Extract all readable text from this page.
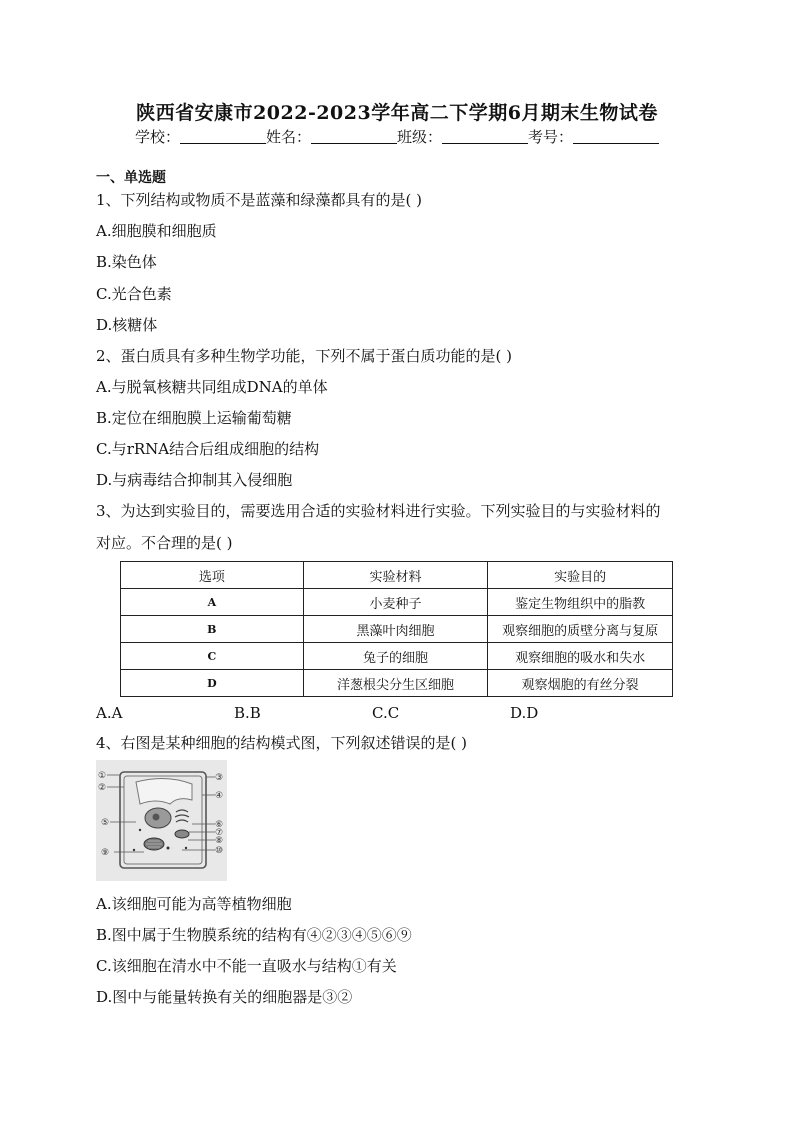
陕西省安康市2022-2023学年高二下学期6月期末生物试卷
学校：	姓名：	班级：	考号：
一、单选题
1、下列结构或物质不是蓝藻和绿藻都具有的是( )
A.细胞膜和细胞质
B.染色体
C.光合色素
D.核糖体
2、蛋白质具有多种生物学功能，下列不属于蛋白质功能的是( )
A.与脱氧核糖共同组成DNA的单体
B.定位在细胞膜上运输葡萄糖
C.与rRNA结合后组成细胞的结构
D.与病毒结合抑制其入侵细胞
3、为达到实验目的，需要选用合适的实验材料进行实验。下列实验目的与实验材料的
对应。不合理的是( )
选项	实验材料	实验目的
A	小麦种子	鉴定生物组织中的脂教
B	黑藻叶肉细胞	观察细胞的质壁分离与复原
C	兔子的细胞	观察细胞的吸水和失水
D	洋葱根尖分生区细胞	观察烟胞的有丝分裂
A.A	B.B	C.C	D.D
4、右图是某种细胞的结构模式图，下列叙述错误的是( )
①
②
③
④
⑤	⑥
⑦
⑧
⑨	⑩
A.该细胞可能为高等植物细胞
B.图中属于生物膜系统的结构有④②③④⑤⑥⑨
C.该细胞在清水中不能一直吸水与结构①有关
D.图中与能量转换有关的细胞器是③②
